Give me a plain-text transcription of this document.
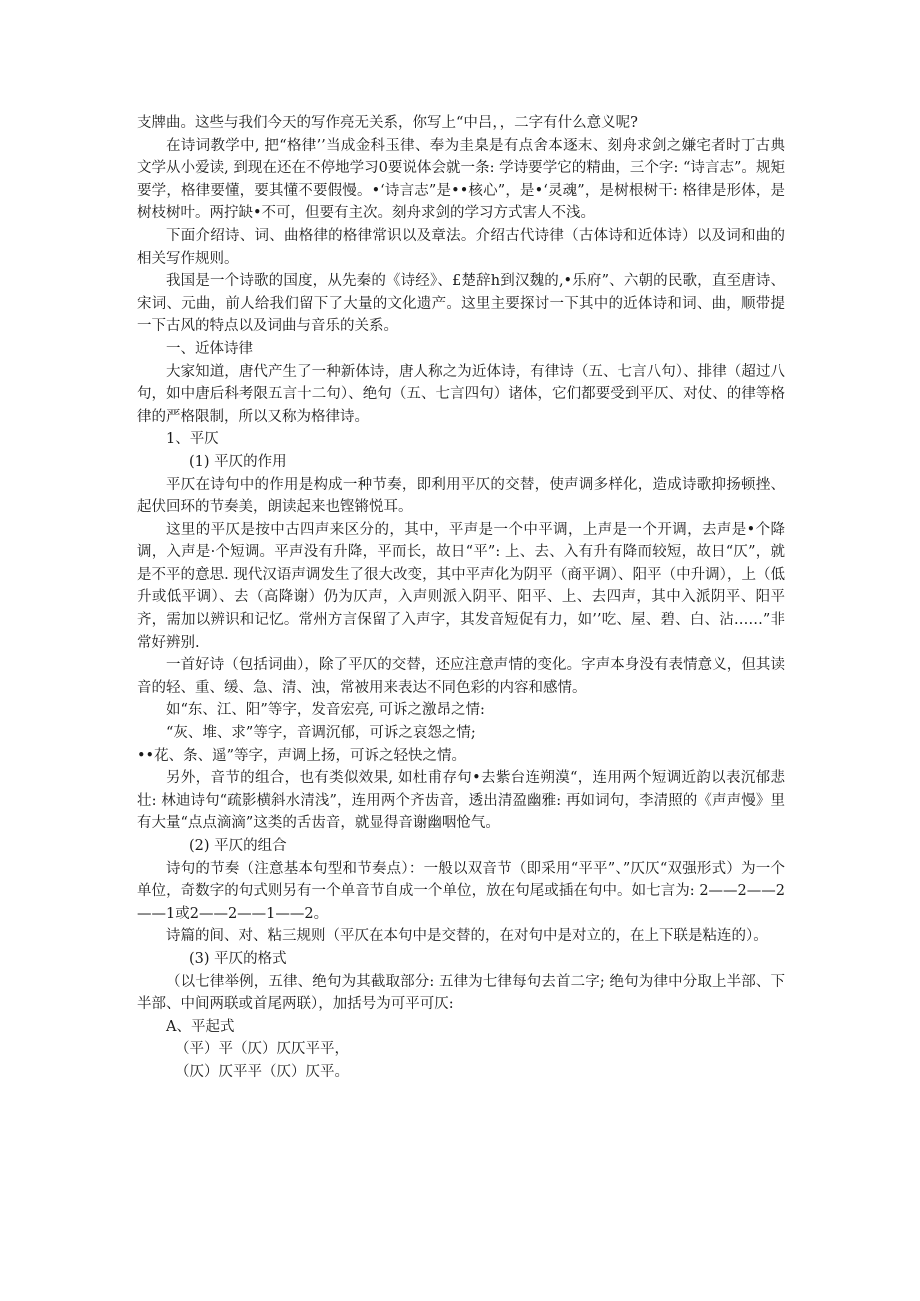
支牌曲。这些与我们今天的写作亮无关系，你写上“中吕，，二字有什么意义呢?

在诗词教学中, 把“格律’’当成金科玉律、奉为圭臬是有点舍本逐末、刻舟求剑之嫌宅者时丁古典文学从小爱读, 到现在还在不停地学习0要说体会就一条: 学诗要学它的精曲，三个字: “诗言志”。规矩要学，格律要懂，要其懂不要假慢。•‘诗言志”是••核心”，是•‘灵魂”，是树根树干: 格律是形体，是树枝树叶。两拧缺•不可，但要有主次。刻舟求剑的学习方式害人不浅。

下面介绍诗、词、曲格律的格律常识以及章法。介绍古代诗律（古体诗和近体诗）以及词和曲的相关写作规则。

我国是一个诗歌的国度，从先秦的《诗经》、£楚辞h到汉魏的,•乐府”、六朝的民歌，直至唐诗、宋词、元曲，前人给我们留下了大量的文化遗产。这里主要探讨一下其中的近体诗和词、曲，顺带提一下古风的特点以及词曲与音乐的关系。

一、近体诗律

大家知道，唐代产生了一种新体诗，唐人称之为近体诗，有律诗（五、七言八句）、排律（超过八句，如中唐后科考限五言十二句）、绝句（五、七言四句）诸体，它们都要受到平仄、对仗、的律等格律的严格限制，所以又称为格律诗。

1、平仄

(1) 平仄的作用

平仄在诗句中的作用是构成一种节奏，即利用平仄的交替，使声调多样化，造成诗歌抑扬顿挫、起伏回环的节奏美，朗读起来也铿锵悦耳。

这里的平仄是按中古四声来区分的，其中，平声是一个中平调，上声是一个开调，去声是•个降调，入声是·个短调。平声没有升降，平而长，故日“平”: 上、去、入有升有降而较短，故日“仄”，就是不平的意思. 现代汉语声调发生了很大改变，其中平声化为阴平（商平调）、阳平（中升调），上（低升或低平调）、去（高降谢）仍为仄声，入声则派入阴平、阳平、上、去四声，其中入派阴平、阳平齐，需加以辨识和记忆。常州方言保留了入声字，其发音短促有力，如’’吃、屋、碧、白、沾……”非常好辨别.

一首好诗（包括词曲），除了平仄的交替，还应注意声情的变化。字声本身没有表情意义，但其读音的轻、重、缓、急、清、浊，常被用来表达不同色彩的内容和感情。

如“东、江、阳”等字，发音宏亮, 可诉之激昂之情:

“灰、堆、求”等字，音调沉郁，可诉之哀怨之情;

••花、条、遥”等字，声调上扬，可诉之轻快之情。

另外，音节的组合，也有类似效果, 如杜甫存句•去紫台连朔漠“，连用两个短调近韵以表沉郁悲壮: 林迪诗句“疏影横斜水清浅”，连用两个齐齿音，透出清盈幽雅: 再如词句，李清照的《声声慢》里有大量“点点滴滴”这类的舌齿音，就显得音谢幽咽怆气。

(2) 平仄的组合

诗句的节奏（注意基本句型和节奏点）：一般以双音节（即采用“平平”、”仄仄“双强形式）为一个单位，奇数字的句式则另有一个单音节自成一个单位，放在句尾或插在句中。如七言为: 2——2——2——1或2——2——1——2。

诗篇的间、对、粘三规则（平仄在本句中是交替的，在对句中是对立的，在上下联是粘连的）。

(3) 平仄的格式

（以七律举例，五律、绝句为其截取部分: 五律为七律每句去首二字; 绝句为律中分取上半部、下半部、中间两联或首尾两联），加括号为可平可仄:

A、平起式

（平）平（仄）仄仄平平，

（仄）仄平平（仄）仄平。
